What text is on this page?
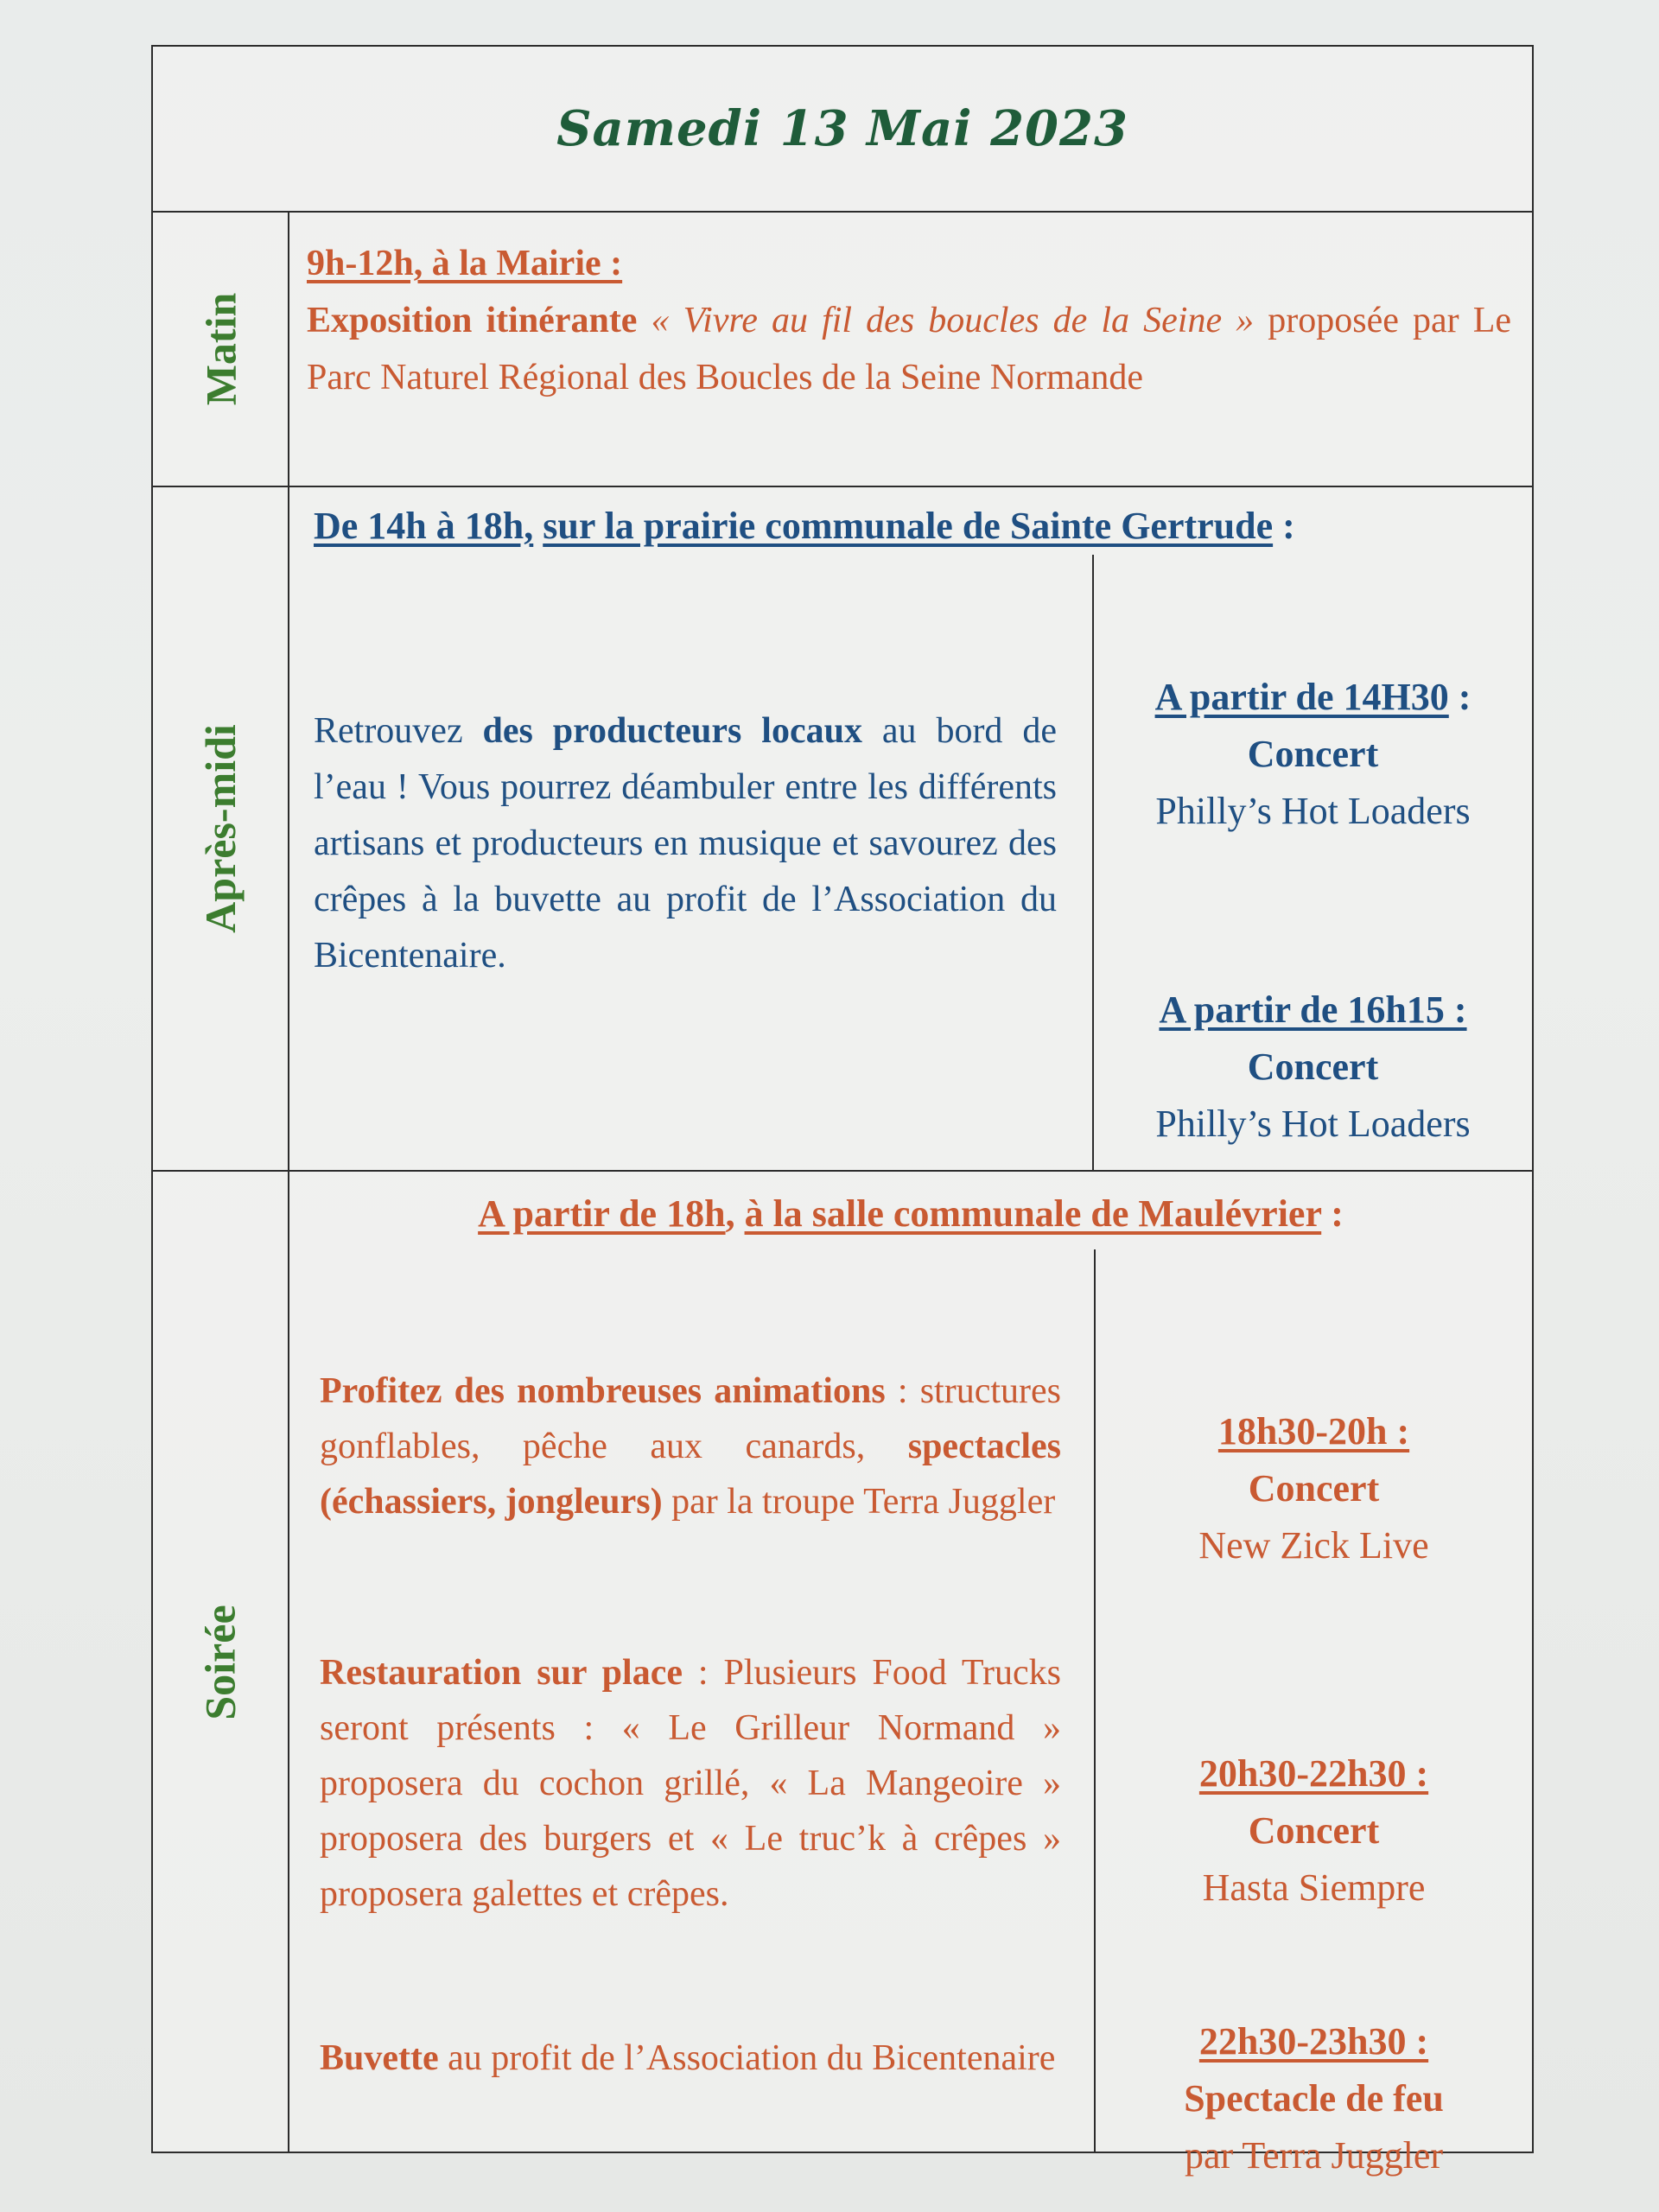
Samedi 13 Mai 2023
Matin
9h-12h, à la Mairie :
Exposition itinérante « Vivre au fil des boucles de la Seine » proposée par Le Parc Naturel Régional des Boucles de la Seine Normande
Après-midi
De 14h à 18h, sur la prairie communale de Sainte Gertrude :
Retrouvez des producteurs locaux au bord de l’eau ! Vous pourrez déambuler entre les différents artisans et producteurs en musique et savourez des crêpes à la buvette au profit de l’Association du Bicentenaire.
A partir de 14H30 :
Concert
Philly’s Hot Loaders
A partir de 16h15 :
Concert
Philly’s Hot Loaders
Soirée
A partir de 18h, à la salle communale de Maulévrier :
Profitez des nombreuses animations : structures gonflables, pêche aux canards, spectacles (échassiers, jongleurs) par la troupe Terra Juggler
Restauration sur place : Plusieurs Food Trucks seront présents : « Le Grilleur Normand » proposera du cochon grillé, « La Mangeoire » proposera des burgers et « Le truc’k à crêpes » proposera galettes et crêpes.
Buvette au profit de l’Association du Bicentenaire
18h30-20h :
Concert
New Zick Live
20h30-22h30 :
Concert
Hasta Siempre
22h30-23h30 :
Spectacle de feu
par Terra Juggler
